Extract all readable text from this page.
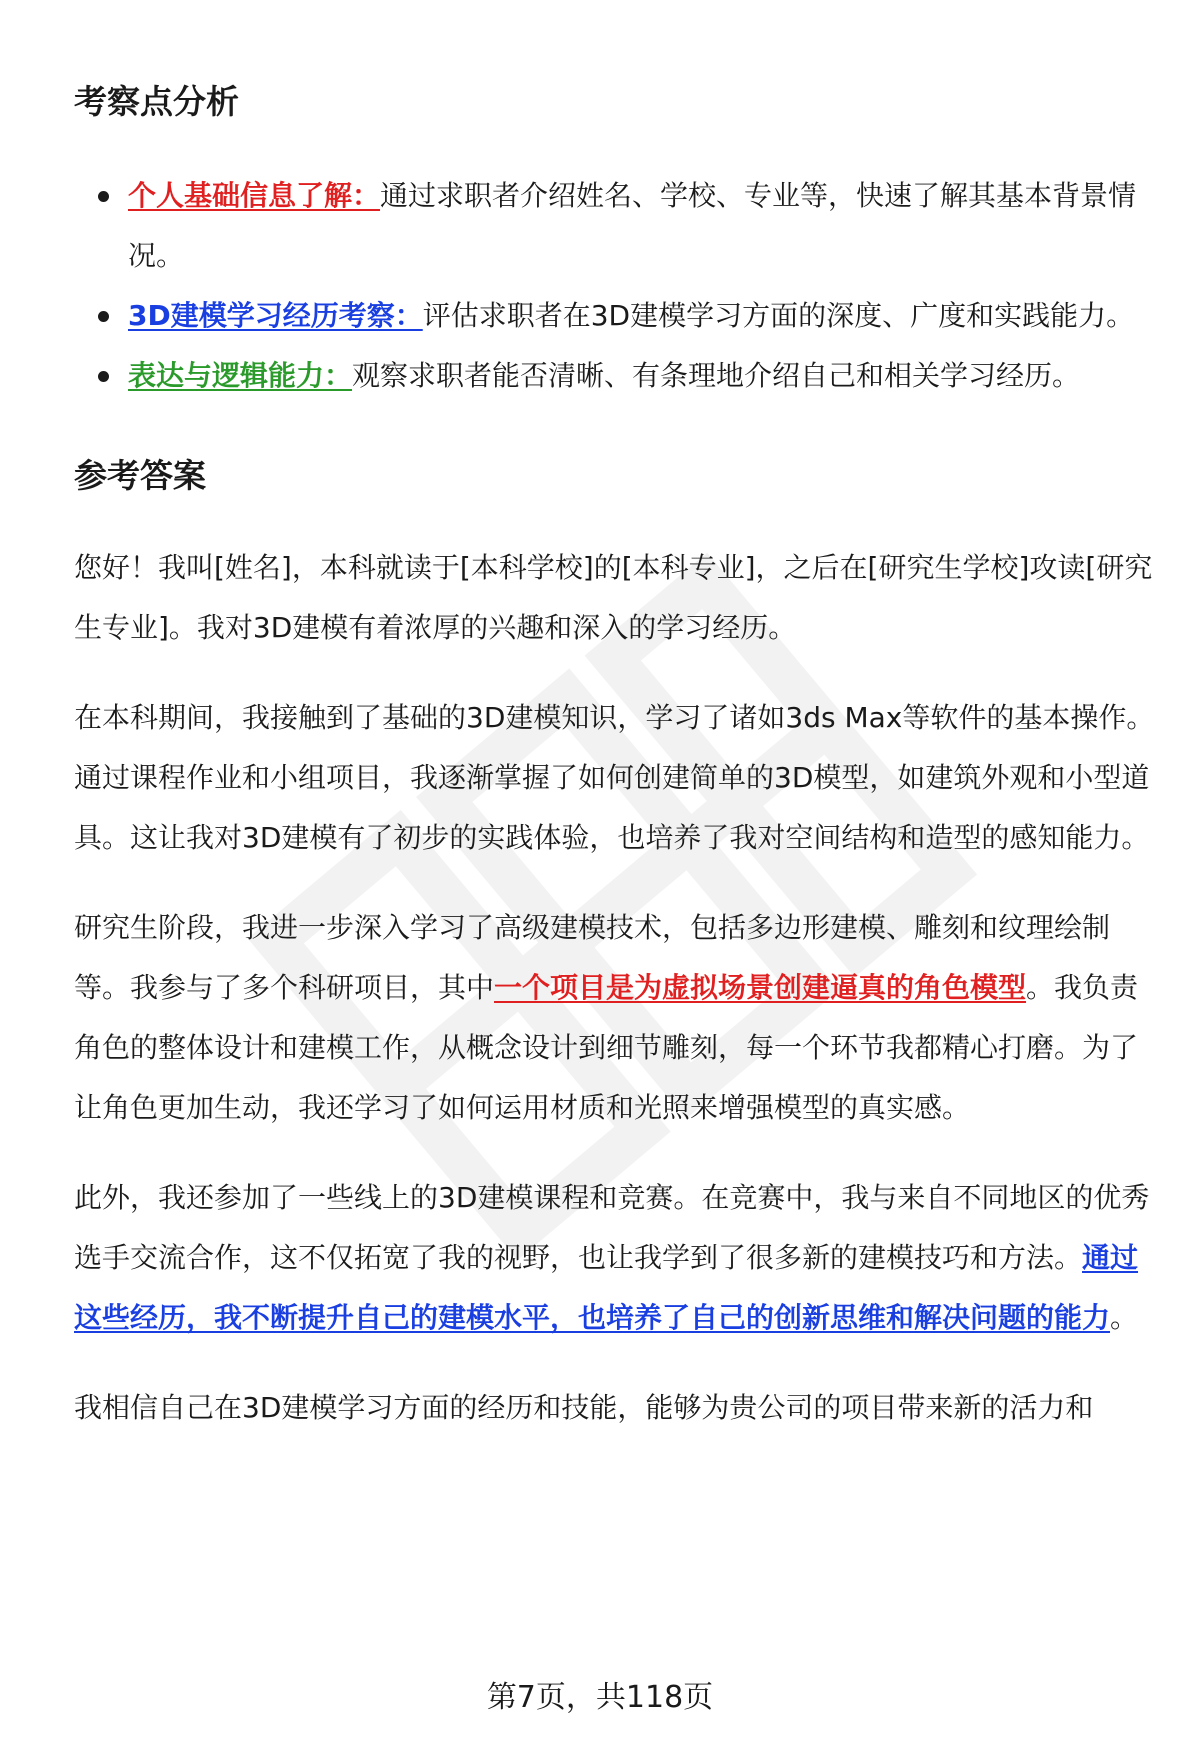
考察点分析
个人基础信息了解：通过求职者介绍姓名、学校、专业等，快速了解其基本背景情况。
3D建模学习经历考察：评估求职者在3D建模学习方面的深度、广度和实践能力。
表达与逻辑能力：观察求职者能否清晰、有条理地介绍自己和相关学习经历。
参考答案

您好！我叫[姓名]，本科就读于[本科学校]的[本科专业]，之后在[研究生学校]攻读[研究生专业]。我对3D建模有着浓厚的兴趣和深入的学习经历。

在本科期间，我接触到了基础的3D建模知识，学习了诸如3ds Max等软件的基本操作。通过课程作业和小组项目，我逐渐掌握了如何创建简单的3D模型，如建筑外观和小型道具。这让我对3D建模有了初步的实践体验，也培养了我对空间结构和造型的感知能力。

研究生阶段，我进一步深入学习了高级建模技术，包括多边形建模、雕刻和纹理绘制等。我参与了多个科研项目，其中一个项目是为虚拟场景创建逼真的角色模型。我负责角色的整体设计和建模工作，从概念设计到细节雕刻，每一个环节我都精心打磨。为了让角色更加生动，我还学习了如何运用材质和光照来增强模型的真实感。

此外，我还参加了一些线上的3D建模课程和竞赛。在竞赛中，我与来自不同地区的优秀选手交流合作，这不仅拓宽了我的视野，也让我学到了很多新的建模技巧和方法。通过这些经历，我不断提升自己的建模水平，也培养了自己的创新思维和解决问题的能力。

我相信自己在3D建模学习方面的经历和技能，能够为贵公司的项目带来新的活力和

第7页，共118页
